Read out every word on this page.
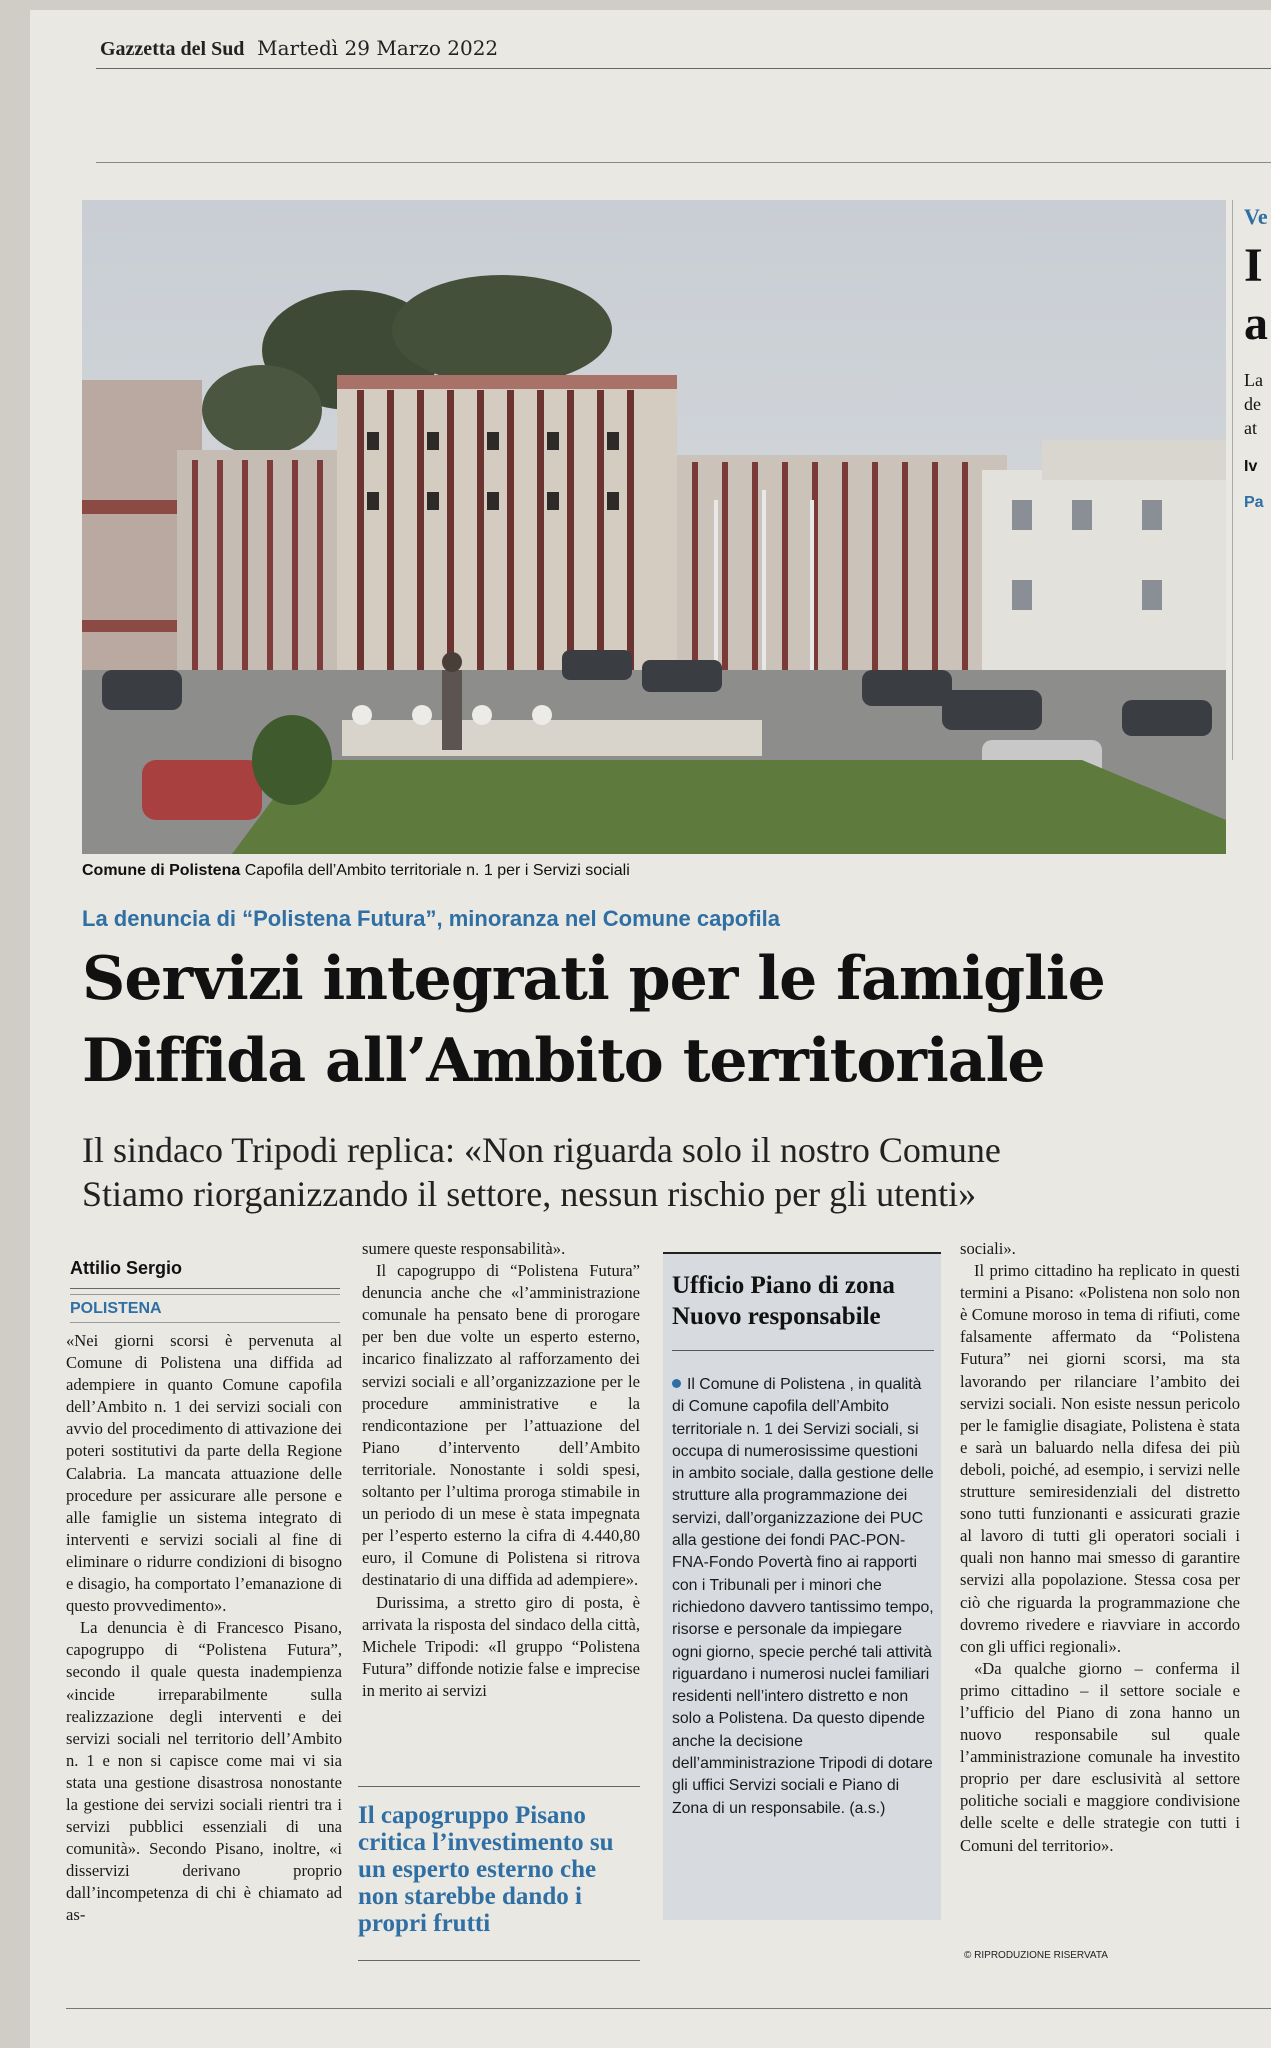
Gazzetta del Sud Martedì 29 Marzo 2022
Comune di Polistena Capofila dell’Ambito territoriale n. 1 per i Servizi sociali
La denuncia di “Polistena Futura”, minoranza nel Comune capofila
Servizi integrati per le famiglie
Diffida all’Ambito territoriale
Il sindaco Tripodi replica: «Non riguarda solo il nostro Comune
Stiamo riorganizzando il settore, nessun rischio per gli utenti»
Attilio Sergio
POLISTENA

«Nei giorni scorsi è pervenuta al Comune di Polistena una diffida ad adempiere in quanto Comune capofila dell’Ambito n. 1 dei servizi sociali con avvio del procedimento di attivazione dei poteri sostitutivi da parte della Regione Calabria. La mancata attuazione delle procedure per assicurare alle persone e alle famiglie un sistema integrato di interventi e servizi sociali al fine di eliminare o ridurre condizioni di bisogno e disagio, ha comportato l’emanazione di questo provvedimento».

La denuncia è di Francesco Pisano, capogruppo di “Polistena Futura”, secondo il quale questa inadempienza «incide irreparabilmente sulla realizzazione degli interventi e dei servizi sociali nel territorio dell’Ambito n. 1 e non si capisce come mai vi sia stata una gestione disastrosa nonostante la gestione dei servizi sociali rientri tra i servizi pubblici essenziali di una comunità». Secondo Pisano, inoltre, «i disservizi derivano proprio dall’incompetenza di chi è chiamato ad as-

sumere queste responsabilità».

Il capogruppo di “Polistena Futura” denuncia anche che «l’amministrazione comunale ha pensato bene di prorogare per ben due volte un esperto esterno, incarico finalizzato al rafforzamento dei servizi sociali e all’organizzazione per le procedure amministrative e la rendicontazione per l’attuazione del Piano d’intervento dell’Ambito territoriale. Nonostante i soldi spesi, soltanto per l’ultima proroga stimabile in un periodo di un mese è stata impegnata per l’esperto esterno la cifra di 4.440,80 euro, il Comune di Polistena si ritrova destinatario di una diffida ad adempiere».

Durissima, a stretto giro di posta, è arrivata la risposta del sindaco della città, Michele Tripodi: «Il gruppo “Polistena Futura” diffonde notizie false e imprecise in merito ai servizi

Il capogruppo Pisano critica l’investimento su un esperto esterno che non starebbe dando i propri frutti
Ufficio Piano di zona Nuovo responsabile
Il Comune di Polistena , in qualità di Comune capofila dell’Ambito territoriale n. 1 dei Servizi sociali, si occupa di numerosissime questioni in ambito sociale, dalla gestione delle strutture alla programmazione dei servizi, dall’organizzazione dei PUC alla gestione dei fondi PAC-PON- FNA-Fondo Povertà fino ai rapporti con i Tribunali per i minori che richiedono davvero tantissimo tempo, risorse e personale da impiegare ogni giorno, specie perché tali attività riguardano i numerosi nuclei familiari residenti nell’intero distretto e non solo a Polistena. Da questo dipende anche la decisione dell’amministrazione Tripodi di dotare gli uffici Servizi sociali e Piano di Zona di un responsabile. (a.s.)

sociali».

Il primo cittadino ha replicato in questi termini a Pisano: «Polistena non solo non è Comune moroso in tema di rifiuti, come falsamente affermato da “Polistena Futura” nei giorni scorsi, ma sta lavorando per rilanciare l’ambito dei servizi sociali. Non esiste nessun pericolo per le famiglie disagiate, Polistena è stata e sarà un baluardo nella difesa dei più deboli, poiché, ad esempio, i servizi nelle strutture semiresidenziali del distretto sono tutti funzionanti e assicurati grazie al lavoro di tutti gli operatori sociali i quali non hanno mai smesso di garantire servizi alla popolazione. Stessa cosa per ciò che riguarda la programmazione che dovremo rivedere e riavviare in accordo con gli uffici regionali».

«Da qualche giorno – conferma il primo cittadino – il settore sociale e l’ufficio del Piano di zona hanno un nuovo responsabile sul quale l’amministrazione comunale ha investito proprio per dare esclusività al settore politiche sociali e maggiore condivisione delle scelte e delle strategie con tutti i Comuni del territorio».

© RIPRODUZIONE RISERVATA
Ve
I
a
La
de
at
Iv
Pa
